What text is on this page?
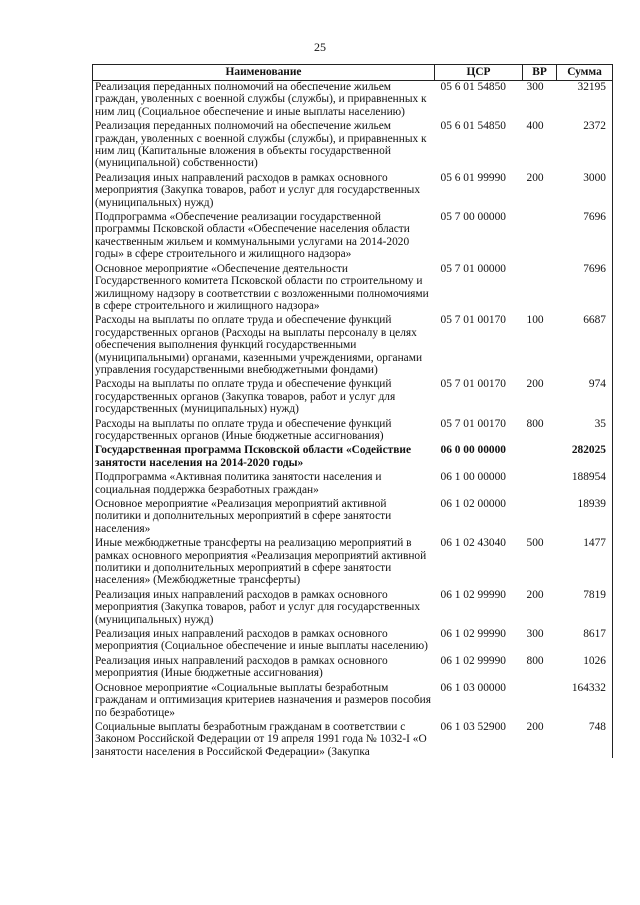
25
Наименование	ЦСР	ВР	Сумма
Реализация переданных полномочий на обеспечение жильем граждан, уволенных с военной службы (службы), и приравненных к ним лиц (Социальное обеспечение и иные выплаты населению)	05 6 01 54850	300	32195
Реализация переданных полномочий на обеспечение жильем граждан, уволенных с военной службы (службы), и приравненных к ним лиц (Капитальные вложения в объекты государственной (муниципальной) собственности)	05 6 01 54850	400	2372
Реализация иных направлений расходов в рамках основного мероприятия (Закупка товаров, работ и услуг для государственных (муниципальных) нужд)	05 6 01 99990	200	3000
Подпрограмма «Обеспечение реализации государственной программы Псковской области «Обеспечение населения области качественным жильем и коммунальными услугами на 2014-2020 годы» в сфере строительного и жилищного надзора»	05 7 00 00000		7696
Основное мероприятие «Обеспечение деятельности Государственного комитета Псковской области по строительному и жилищному надзору в соответствии с возложенными полномочиями в сфере строительного и жилищного надзора»	05 7 01 00000		7696
Расходы на выплаты по оплате труда и обеспечение функций государственных органов (Расходы на выплаты персоналу в целях обеспечения выполнения функций государственными (муниципальными) органами, казенными учреждениями, органами управления государственными внебюджетными фондами)	05 7 01 00170	100	6687
Расходы на выплаты по оплате труда и обеспечение функций государственных органов (Закупка товаров, работ и услуг для государственных (муниципальных) нужд)	05 7 01 00170	200	974
Расходы на выплаты по оплате труда и обеспечение функций государственных органов (Иные бюджетные ассигнования)	05 7 01 00170	800	35
Государственная программа Псковской области «Содействие занятости населения на 2014-2020 годы»	06 0 00 00000		282025
Подпрограмма «Активная политика занятости населения и социальная поддержка безработных граждан»	06 1 00 00000		188954
Основное мероприятие «Реализация мероприятий активной политики и дополнительных мероприятий в сфере занятости населения»	06 1 02 00000		18939
Иные межбюджетные трансферты на реализацию мероприятий в рамках основного мероприятия «Реализация мероприятий активной политики и дополнительных мероприятий в сфере занятости населения» (Межбюджетные трансферты)	06 1 02 43040	500	1477
Реализация иных направлений расходов в рамках основного мероприятия (Закупка товаров, работ и услуг для государственных (муниципальных) нужд)	06 1 02 99990	200	7819
Реализация иных направлений расходов в рамках основного мероприятия (Социальное обеспечение и иные выплаты населению)	06 1 02 99990	300	8617
Реализация иных направлений расходов в рамках основного мероприятия (Иные бюджетные ассигнования)	06 1 02 99990	800	1026
Основное мероприятие «Социальные выплаты безработным гражданам и оптимизация критериев назначения и размеров пособия по безработице»	06 1 03 00000		164332
Социальные выплаты безработным гражданам в соответствии с Законом Российской Федерации от 19 апреля 1991 года № 1032-I «О занятости населения в Российской Федерации» (Закупка	06 1 03 52900	200	748
